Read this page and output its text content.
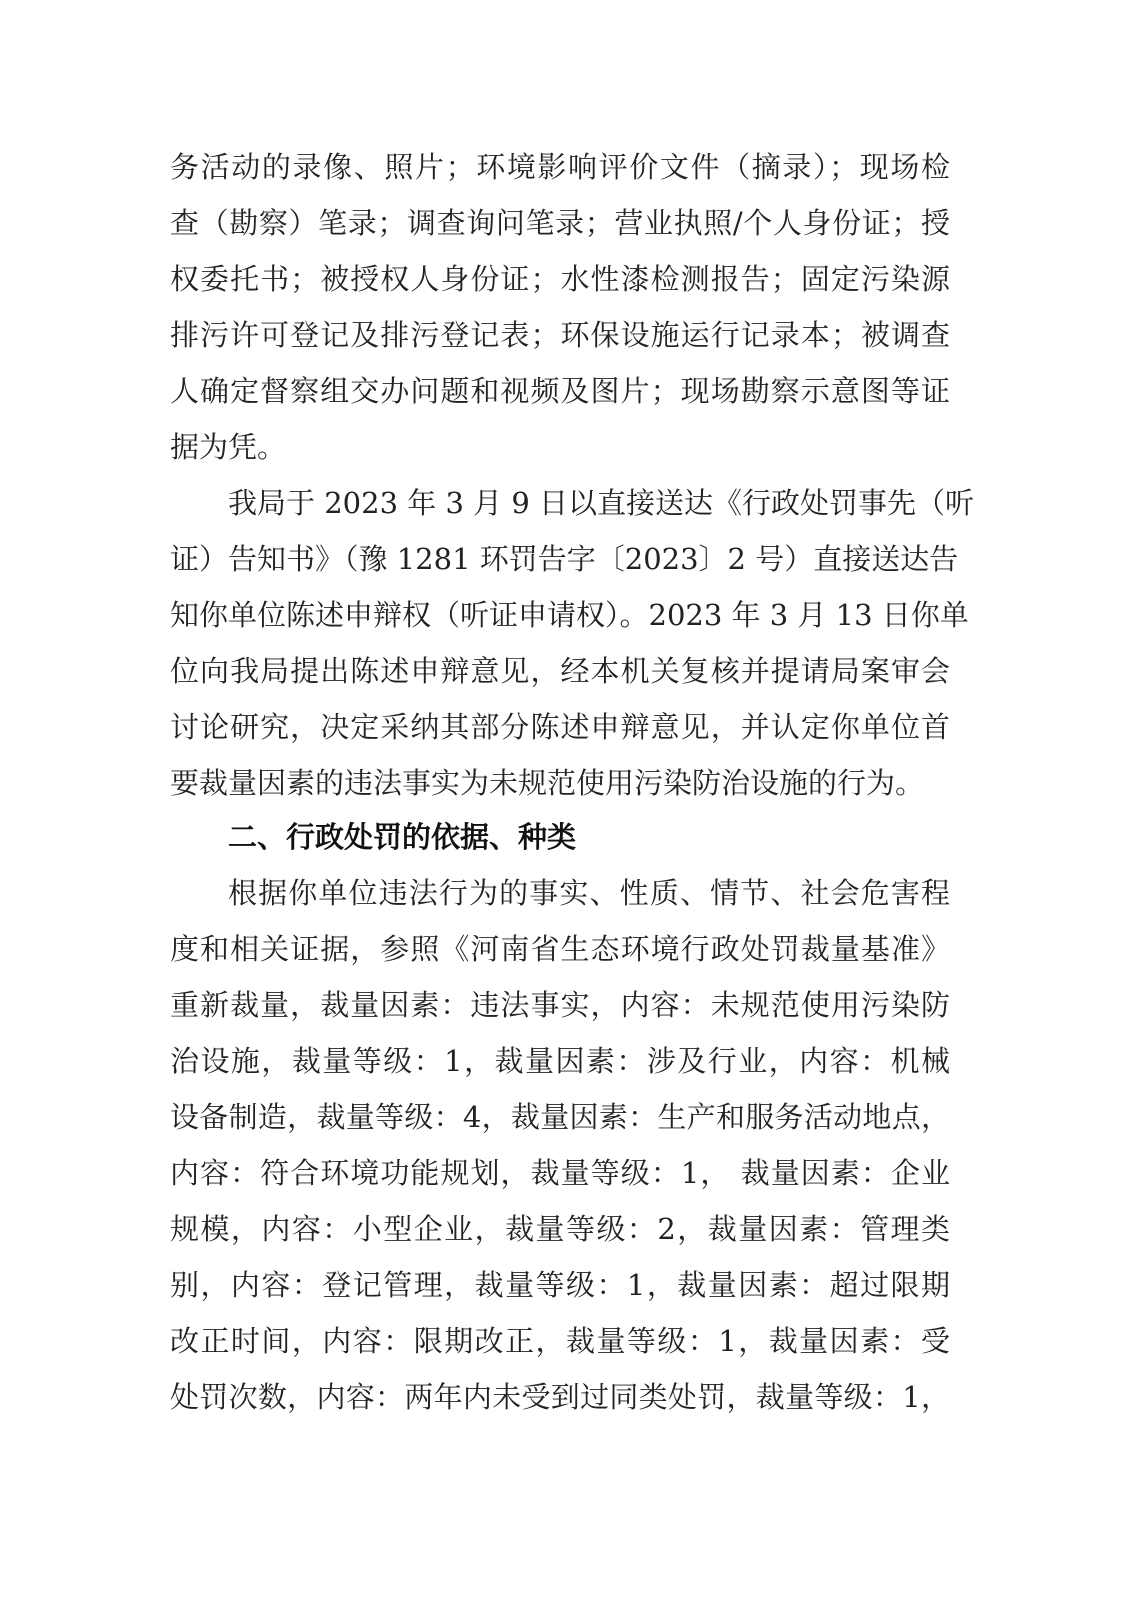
务活动的录像、照片；环境影响评价文件（摘录）；现场检
查（勘察）笔录；调查询问笔录；营业执照/个人身份证；授
权委托书；被授权人身份证；水性漆检测报告；固定污染源
排污许可登记及排污登记表；环保设施运行记录本；被调查
人确定督察组交办问题和视频及图片；现场勘察示意图等证
据为凭。
我局于 2023 年 3 月 9 日以直接送达《行政处罚事先（听
证）告知书》（豫 1281 环罚告字〔2023〕2 号）直接送达告
知你单位陈述申辩权（听证申请权）。2023 年 3 月 13 日你单
位向我局提出陈述申辩意见，经本机关复核并提请局案审会
讨论研究，决定采纳其部分陈述申辩意见，并认定你单位首
要裁量因素的违法事实为未规范使用污染防治设施的行为。
二、行政处罚的依据、种类
根据你单位违法行为的事实、性质、情节、社会危害程
度和相关证据，参照《河南省生态环境行政处罚裁量基准》
重新裁量，裁量因素：违法事实，内容：未规范使用污染防
治设施，裁量等级：1，裁量因素：涉及行业，内容：机械
设备制造，裁量等级：4，裁量因素：生产和服务活动地点，
内容：符合环境功能规划，裁量等级：1， 裁量因素：企业
规模，内容：小型企业，裁量等级：2，裁量因素：管理类
别，内容：登记管理，裁量等级：1，裁量因素：超过限期
改正时间，内容：限期改正，裁量等级：1，裁量因素：受
处罚次数，内容：两年内未受到过同类处罚，裁量等级：1，
